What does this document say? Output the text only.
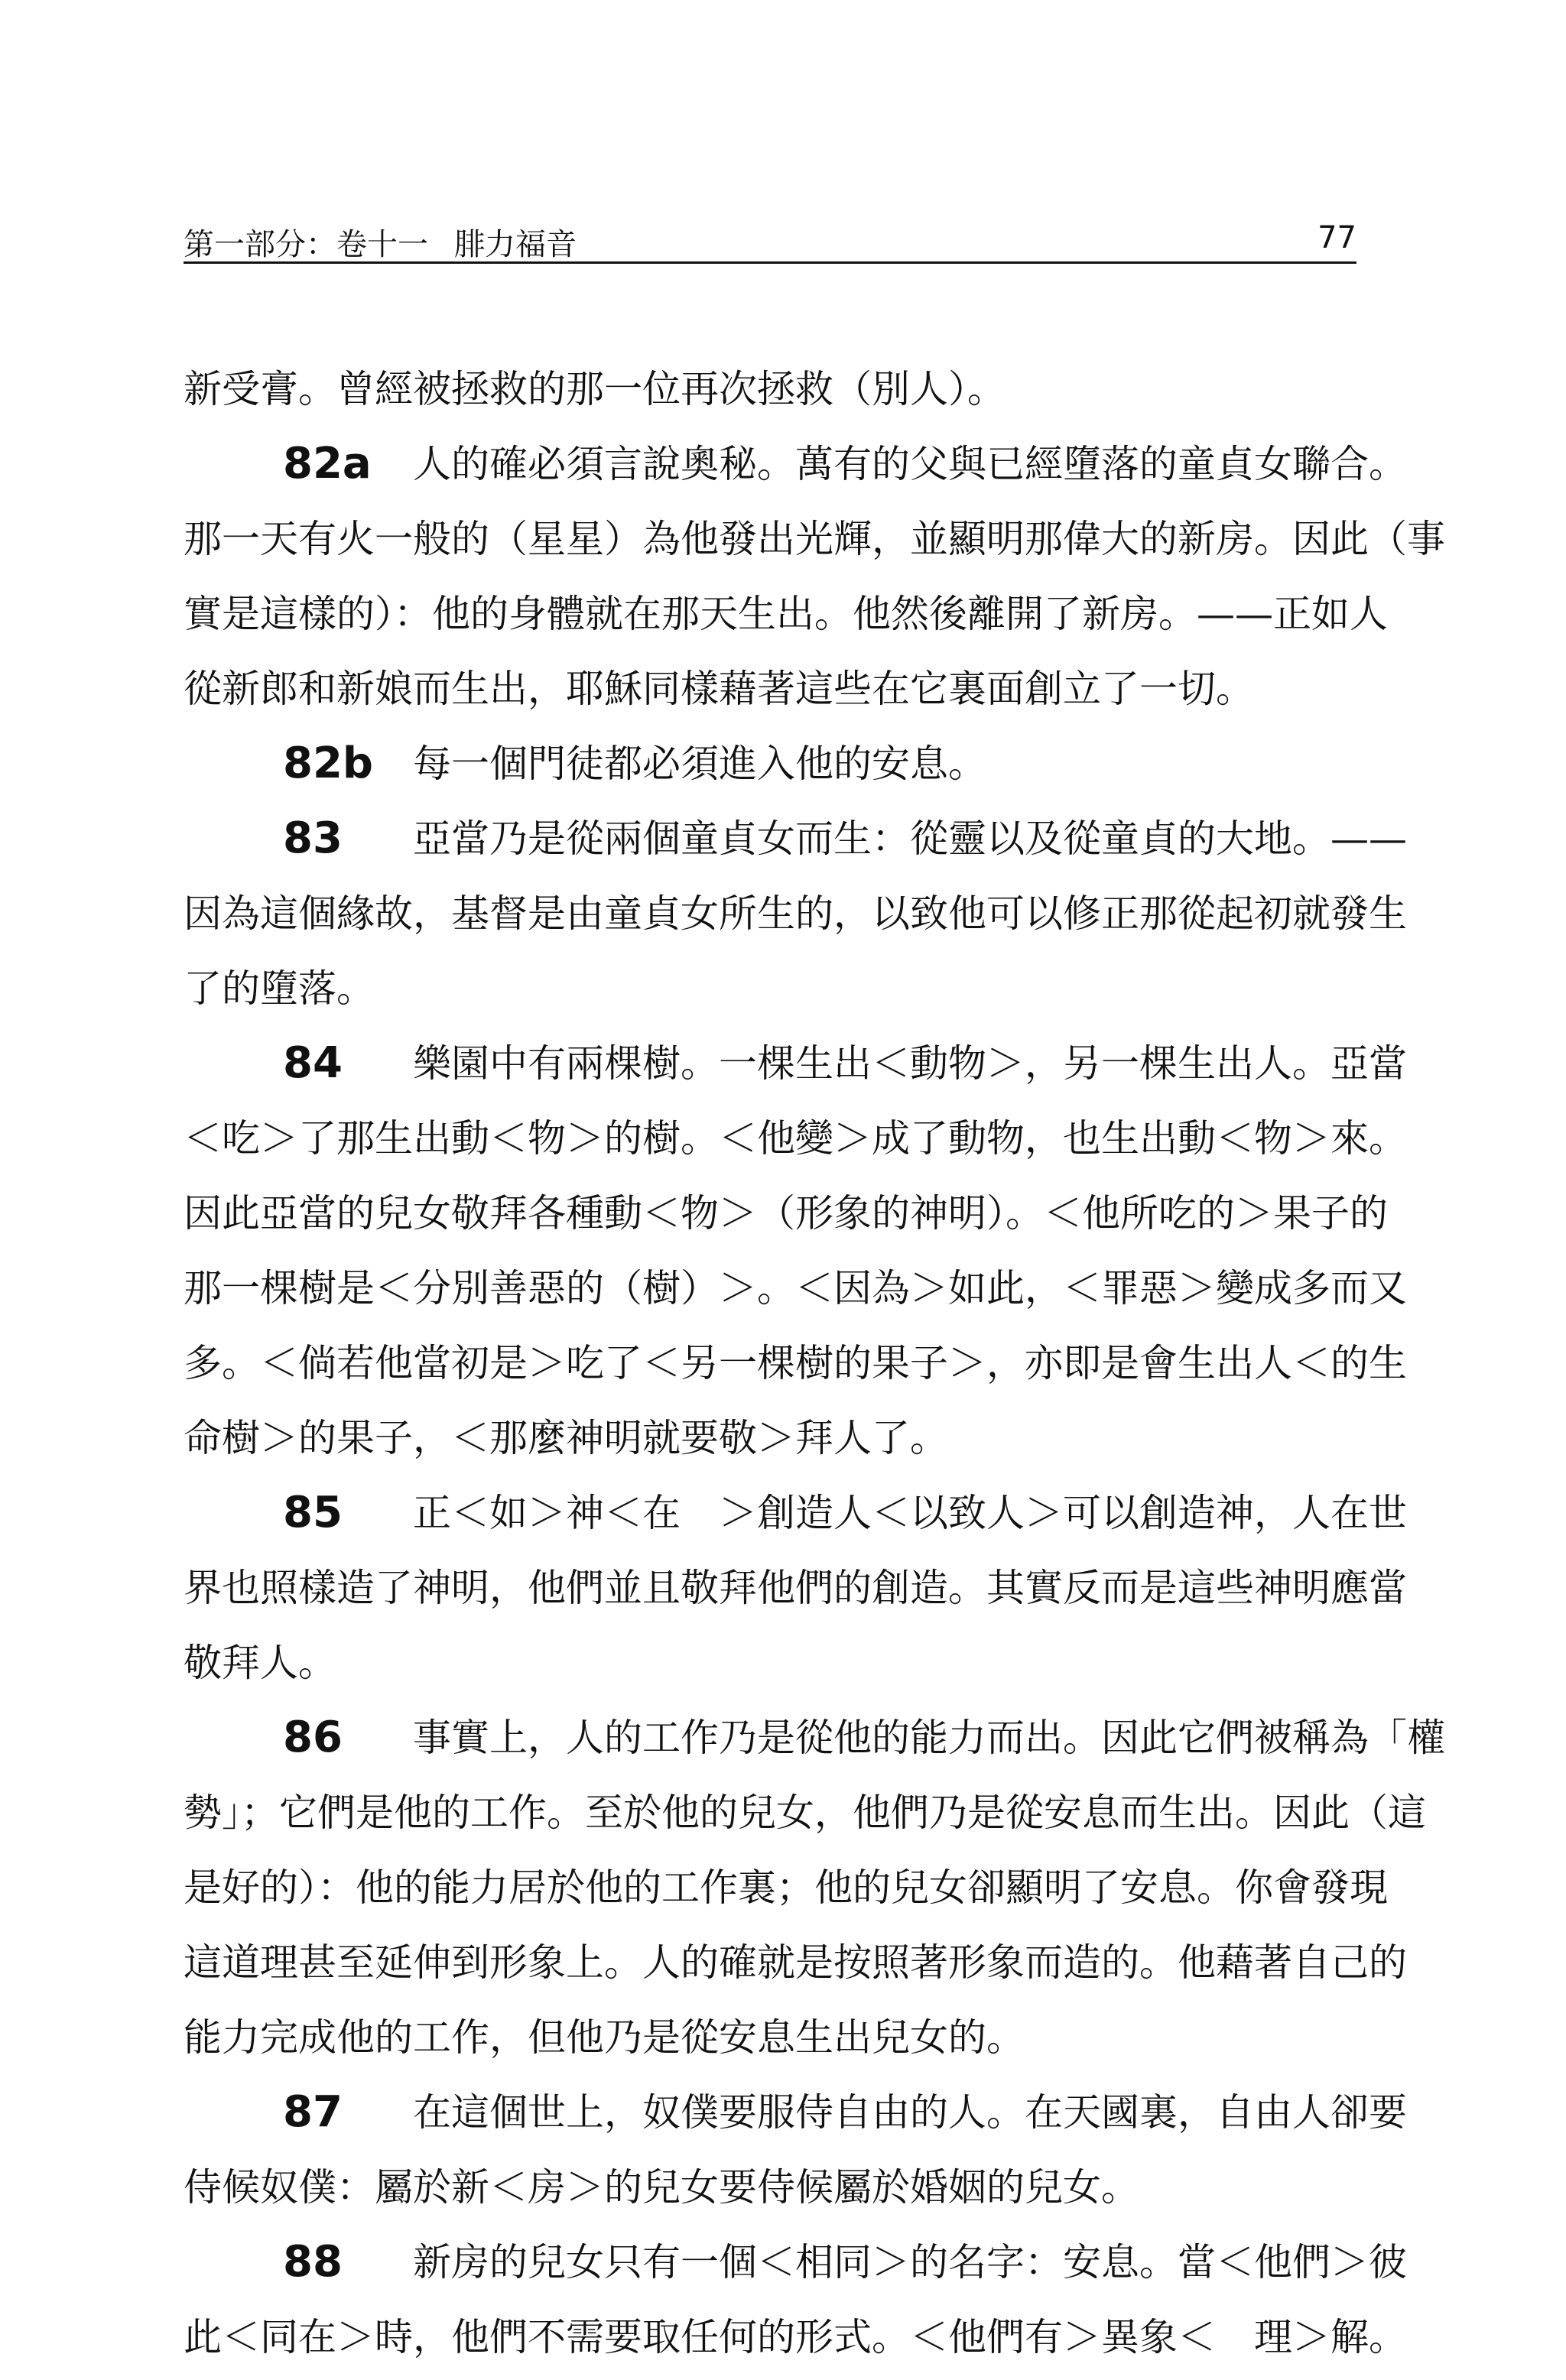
第一部分：卷十一 腓力福音	77
新受膏。曾經被拯救的那一位再次拯救（別人）。
82a 人的確必須言說奧秘。萬有的父與已經墮落的童貞女聯合。
那一天有火一般的（星星）為他發出光輝，並顯明那偉大的新房。因此（事
實是這樣的）：他的身體就在那天生出。他然後離開了新房。——正如人
從新郎和新娘而生出，耶穌同樣藉著這些在它裏面創立了一切。
82b 每一個門徒都必須進入他的安息。
83 亞當乃是從兩個童貞女而生：從靈以及從童貞的大地。——
因為這個緣故，基督是由童貞女所生的，以致他可以修正那從起初就發生
了的墮落。
84 樂園中有兩棵樹。一棵生出＜動物＞，另一棵生出人。亞當
＜吃＞了那生出動＜物＞的樹。＜他變＞成了動物，也生出動＜物＞來。
因此亞當的兒女敬拜各種動＜物＞（形象的神明）。＜他所吃的＞果子的
那一棵樹是＜分別善惡的（樹）＞。＜因為＞如此，＜罪惡＞變成多而又
多。＜倘若他當初是＞吃了＜另一棵樹的果子＞，亦即是會生出人＜的生
命樹＞的果子，＜那麼神明就要敬＞拜人了。
85 正＜如＞神＜在　＞創造人＜以致人＞可以創造神，人在世
界也照樣造了神明，他們並且敬拜他們的創造。其實反而是這些神明應當
敬拜人。
86 事實上，人的工作乃是從他的能力而出。因此它們被稱為「權
勢」；它們是他的工作。至於他的兒女，他們乃是從安息而生出。因此（這
是好的）：他的能力居於他的工作裏；他的兒女卻顯明了安息。你會發現
這道理甚至延伸到形象上。人的確就是按照著形象而造的。他藉著自己的
能力完成他的工作，但他乃是從安息生出兒女的。
87 在這個世上，奴僕要服侍自由的人。在天國裏，自由人卻要
侍候奴僕：屬於新＜房＞的兒女要侍候屬於婚姻的兒女。
88 新房的兒女只有一個＜相同＞的名字：安息。當＜他們＞彼
此＜同在＞時，他們不需要取任何的形式。＜他們有＞異象＜　理＞解。
